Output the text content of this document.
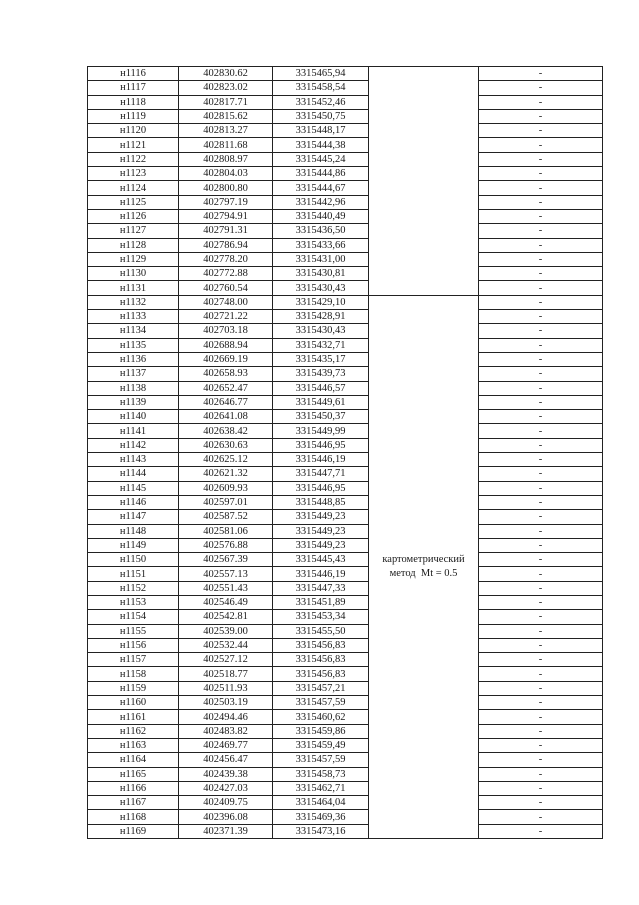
н1116	402830.62	3315465,94		-
н1117	402823.02	3315458,54		-
н1118	402817.71	3315452,46		-
н1119	402815.62	3315450,75		-
н1120	402813.27	3315448,17		-
н1121	402811.68	3315444,38		-
н1122	402808.97	3315445,24		-
н1123	402804.03	3315444,86		-
н1124	402800.80	3315444,67		-
н1125	402797.19	3315442,96		-
н1126	402794.91	3315440,49		-
н1127	402791.31	3315436,50		-
н1128	402786.94	3315433,66		-
н1129	402778.20	3315431,00		-
н1130	402772.88	3315430,81		-
н1131	402760.54	3315430,43		-
н1132	402748.00	3315429,10	картометрический
метод  Mt = 0.5	-
н1133	402721.22	3315428,91		-
н1134	402703.18	3315430,43		-
н1135	402688.94	3315432,71		-
н1136	402669.19	3315435,17		-
н1137	402658.93	3315439,73		-
н1138	402652.47	3315446,57		-
н1139	402646.77	3315449,61		-
н1140	402641.08	3315450,37		-
н1141	402638.42	3315449,99		-
н1142	402630.63	3315446,95		-
н1143	402625.12	3315446,19		-
н1144	402621.32	3315447,71		-
н1145	402609.93	3315446,95		-
н1146	402597.01	3315448,85		-
н1147	402587.52	3315449,23		-
н1148	402581.06	3315449,23		-
н1149	402576.88	3315449,23		-
н1150	402567.39	3315445,43		-
н1151	402557.13	3315446,19		-
н1152	402551.43	3315447,33		-
н1153	402546.49	3315451,89		-
н1154	402542.81	3315453,34		-
н1155	402539.00	3315455,50		-
н1156	402532.44	3315456,83		-
н1157	402527.12	3315456,83		-
н1158	402518.77	3315456,83		-
н1159	402511.93	3315457,21		-
н1160	402503.19	3315457,59		-
н1161	402494.46	3315460,62		-
н1162	402483.82	3315459,86		-
н1163	402469.77	3315459,49		-
н1164	402456.47	3315457,59		-
н1165	402439.38	3315458,73		-
н1166	402427.03	3315462,71		-
н1167	402409.75	3315464,04		-
н1168	402396.08	3315469,36		-
н1169	402371.39	3315473,16		-
